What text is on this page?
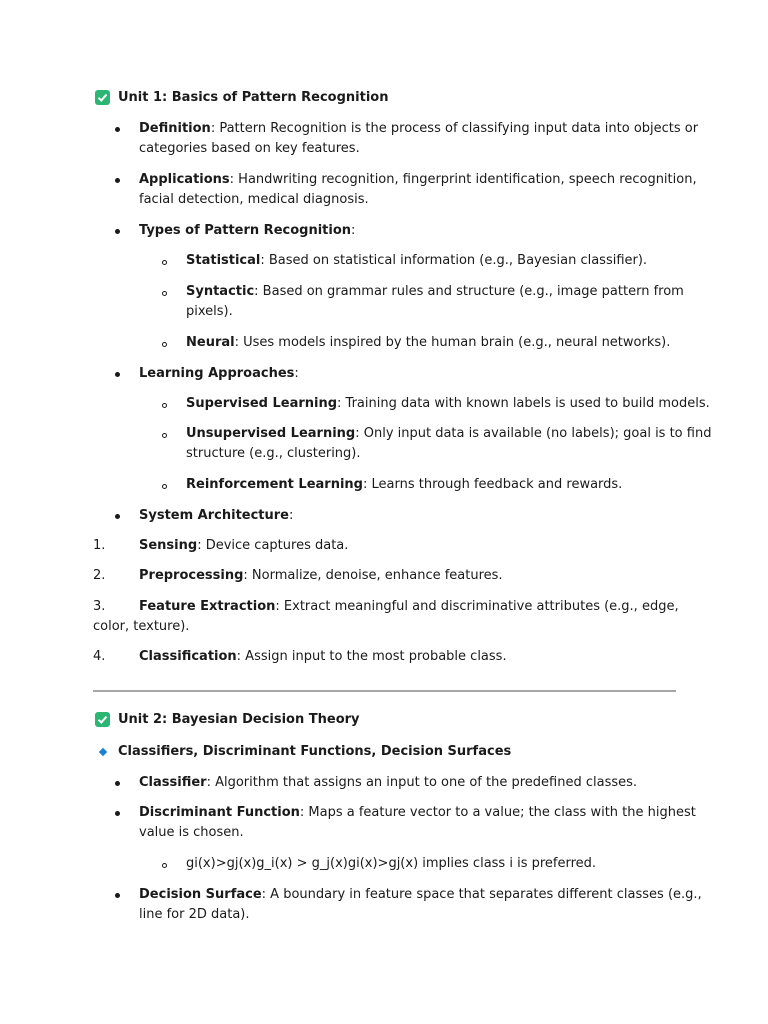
Unit 1: Basics of Pattern Recognition
Definition: Pattern Recognition is the process of classifying input data into objects or
categories based on key features.
Applications: Handwriting recognition, fingerprint identification, speech recognition,
facial detection, medical diagnosis.
Types of Pattern Recognition:
Statistical: Based on statistical information (e.g., Bayesian classifier).
Syntactic: Based on grammar rules and structure (e.g., image pattern from
pixels).
Neural: Uses models inspired by the human brain (e.g., neural networks).
Learning Approaches:
Supervised Learning: Training data with known labels is used to build models.
Unsupervised Learning: Only input data is available (no labels); goal is to find
structure (e.g., clustering).
Reinforcement Learning: Learns through feedback and rewards.
System Architecture:
1.	Sensing: Device captures data.
2.	Preprocessing: Normalize, denoise, enhance features.
3.	Feature Extraction: Extract meaningful and discriminative attributes (e.g., edge,
color, texture).
4.	Classification: Assign input to the most probable class.
Unit 2: Bayesian Decision Theory
Classifiers, Discriminant Functions, Decision Surfaces
Classifier: Algorithm that assigns an input to one of the predefined classes.
Discriminant Function: Maps a feature vector to a value; the class with the highest
value is chosen.
gi(x)>gj(x)g_i(x) > g_j(x)gi(x)>gj(x) implies class i is preferred.
Decision Surface: A boundary in feature space that separates different classes (e.g.,
line for 2D data).
